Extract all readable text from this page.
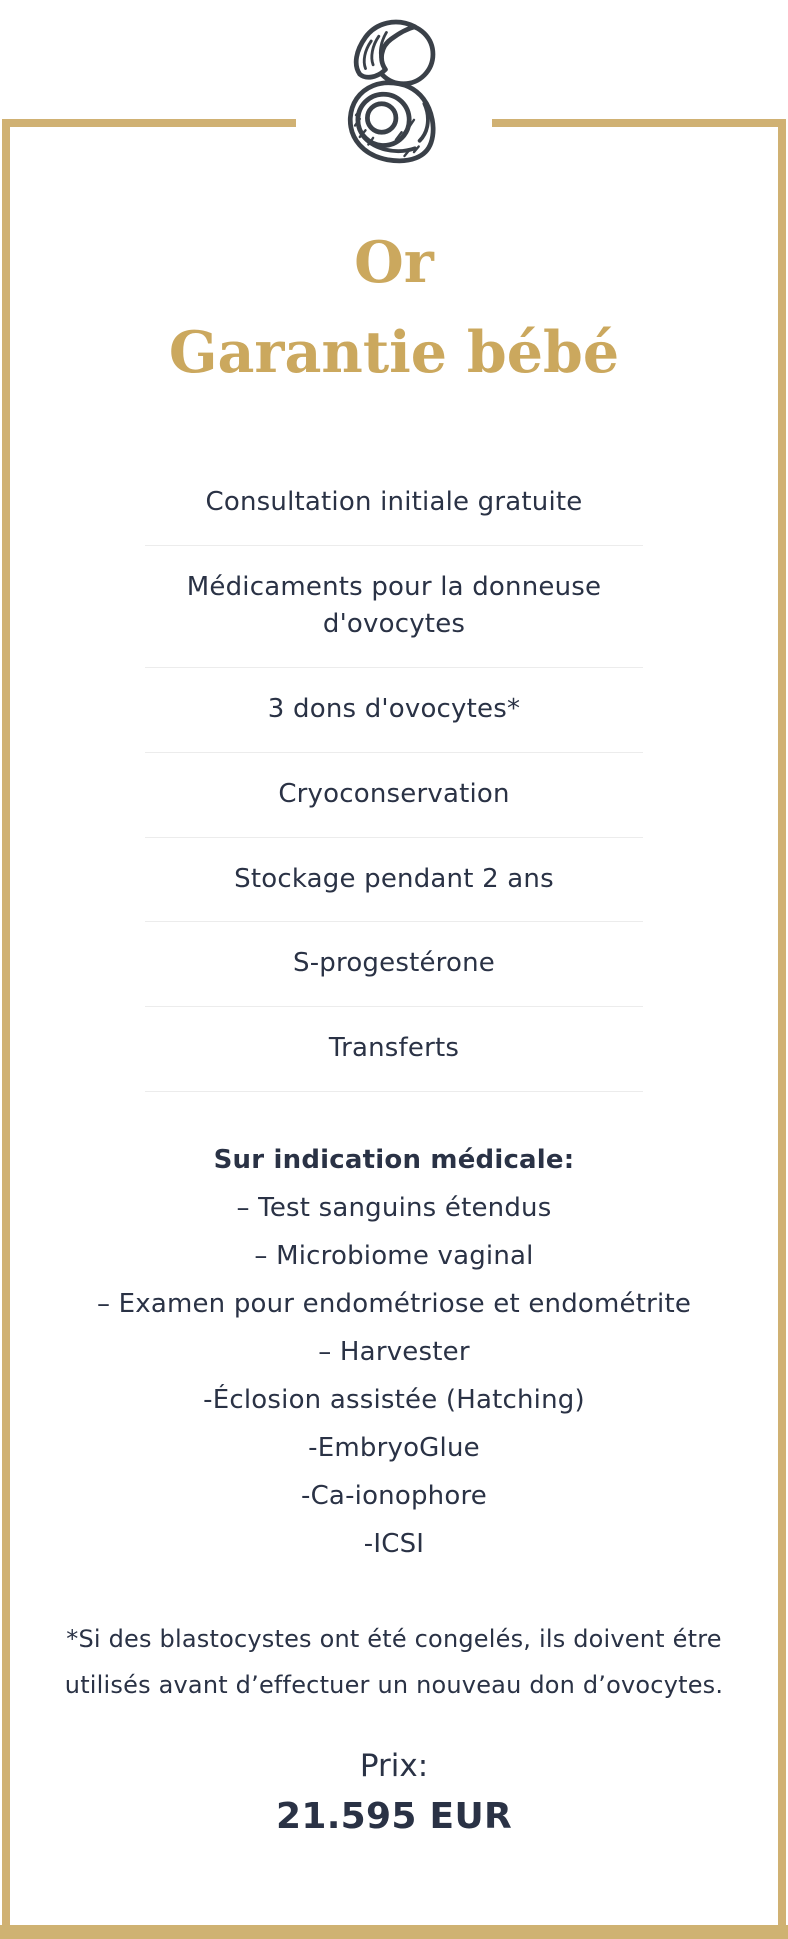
Or
Garantie bébé
Consultation initiale gratuite
Médicaments pour la donneuse d'ovocytes
3 dons d'ovocytes*
Cryoconservation
Stockage pendant 2 ans
S-progestérone
Transferts
Sur indication médicale:
– Test sanguins étendus
– Microbiome vaginal
– Examen pour endométriose et endométrite
– Harvester
-Éclosion assistée (Hatching)
-EmbryoGlue
-Ca-ionophore
-ICSI
*Si des blastocystes ont été congelés, ils doivent étre utilisés avant d’effectuer un nouveau don d’ovocytes.
Prix:
21.595 EUR
